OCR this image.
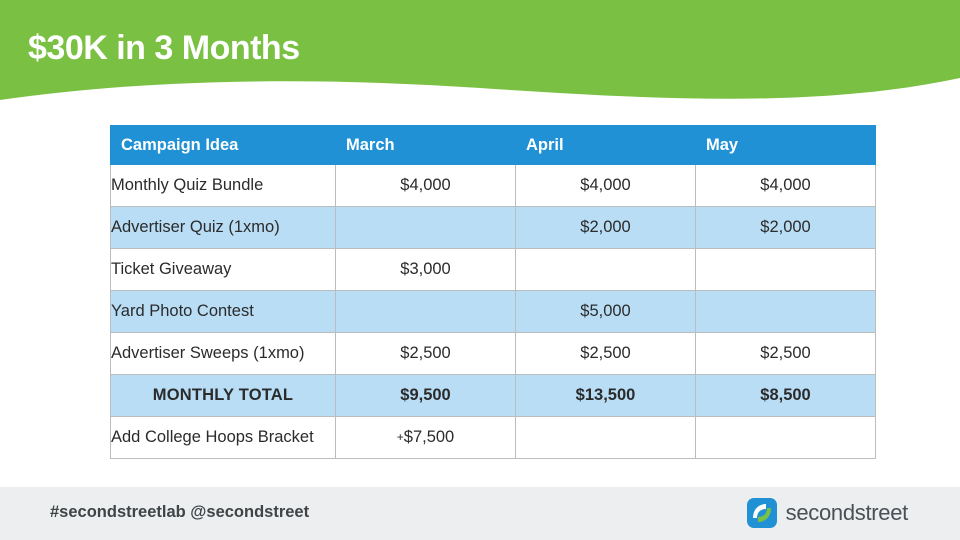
$30K in 3 Months
Campaign Idea	March	April	May
Monthly Quiz Bundle	$4,000	$4,000	$4,000
Advertiser Quiz (1xmo)		$2,000	$2,000
Ticket Giveaway	$3,000		
Yard Photo Contest		$5,000	
Advertiser Sweeps (1xmo)	$2,500	$2,500	$2,500
MONTHLY TOTAL	$9,500	$13,500	$8,500
Add College Hoops Bracket	+$7,500		
#secondstreetlab @secondstreet	secondstreet
